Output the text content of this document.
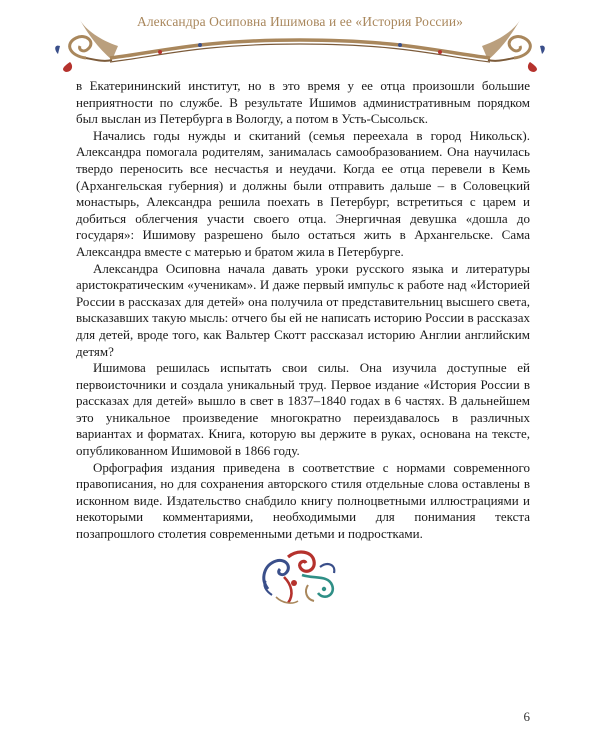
Александра Осиповна Ишимова и ее «История России»

в Екатерининский институт, но в это время у ее отца произошли большие неприятности по службе. В результате Ишимов административным порядком был выслан из Петербурга в Вологду, а потом в Усть-Сысольск.

Начались годы нужды и скитаний (семья переехала в город Никольск). Александра помогала родителям, занималась самообразованием. Она научилась твердо переносить все несчастья и неудачи. Когда ее отца перевели в Кемь (Архангельская губерния) и должны были отправить дальше – в Соловецкий монастырь, Александра решила поехать в Петербург, встретиться с царем и добиться облегчения участи своего отца. Энергичная девушка «дошла до государя»: Ишимову разрешено было остаться жить в Архангельске. Сама Александра вместе с матерью и братом жила в Петербурге.

Александра Осиповна начала давать уроки русского языка и литературы аристократическим «ученикам». И даже первый импульс к работе над «Историей России в рассказах для детей» она получила от представительниц высшего света, высказавших такую мысль: отчего бы ей не написать историю России в рассказах для детей, вроде того, как Вальтер Скотт рассказал историю Англии английским детям?

Ишимова решилась испытать свои силы. Она изучила доступные ей первоисточники и создала уникальный труд. Первое издание «История России в рассказах для детей» вышло в свет в 1837–1840 годах в 6 частях. В дальнейшем это уникальное произведение многократно переиздавалось в различных вариантах и форматах. Книга, которую вы держите в руках, основана на тексте, опубликованном Ишимовой в 1866 году.

Орфография издания приведена в соответствие с нормами современного правописания, но для сохранения авторского стиля отдельные слова оставлены в исконном виде. Издательство снабдило книгу полноцветными иллюстрациями и некоторыми комментариями, необходимыми для понимания текста позапрошлого столетия современными детьми и подростками.

6
